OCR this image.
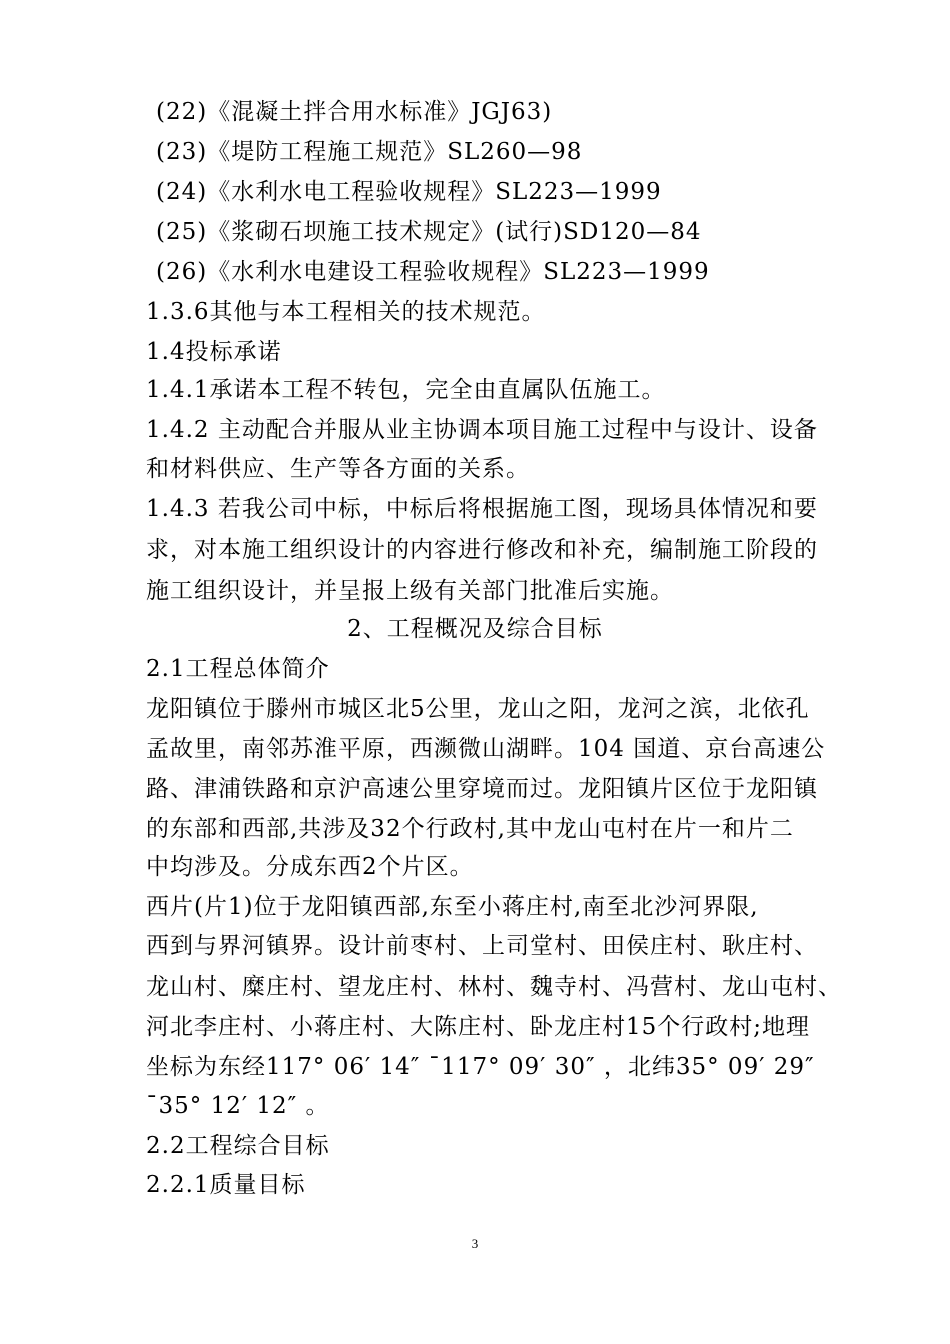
(22)《混凝土拌合用水标准》JGJ63)
(23)《堤防工程施工规范》SL260—98
(24)《水利水电工程验收规程》SL223—1999
(25)《浆砌石坝施工技术规定》(试行)SD120—84
(26)《水利水电建设工程验收规程》SL223—1999
1.3.6其他与本工程相关的技术规范。
1.4投标承诺
1.4.1承诺本工程不转包，完全由直属队伍施工。
1.4.2 主动配合并服从业主协调本项目施工过程中与设计、设备
和材料供应、生产等各方面的关系。
1.4.3 若我公司中标，中标后将根据施工图，现场具体情况和要
求，对本施工组织设计的内容进行修改和补充，编制施工阶段的
施工组织设计，并呈报上级有关部门批准后实施。
2、工程概况及综合目标
2.1工程总体简介
龙阳镇位于滕州市城区北5公里，龙山之阳，龙河之滨，北依孔
孟故里，南邻苏淮平原，西濒微山湖畔。104 国道、京台高速公
路、津浦铁路和京沪高速公里穿境而过。龙阳镇片区位于龙阳镇
的东部和西部,共涉及32个行政村,其中龙山屯村在片一和片二
中均涉及。分成东西2个片区。
西片(片1)位于龙阳镇西部,东至小蒋庄村,南至北沙河界限,
西到与界河镇界。设计前枣村、上司堂村、田侯庄村、耿庄村、
龙山村、糜庄村、望龙庄村、林村、魏寺村、冯营村、龙山屯村、
河北李庄村、小蒋庄村、大陈庄村、卧龙庄村15个行政村;地理
坐标为东经117° 06′ 14″ ¯117° 09′ 30″ ，北纬35° 09′ 29″
¯35° 12′ 12″ 。
2.2工程综合目标
2.2.1质量目标
3
